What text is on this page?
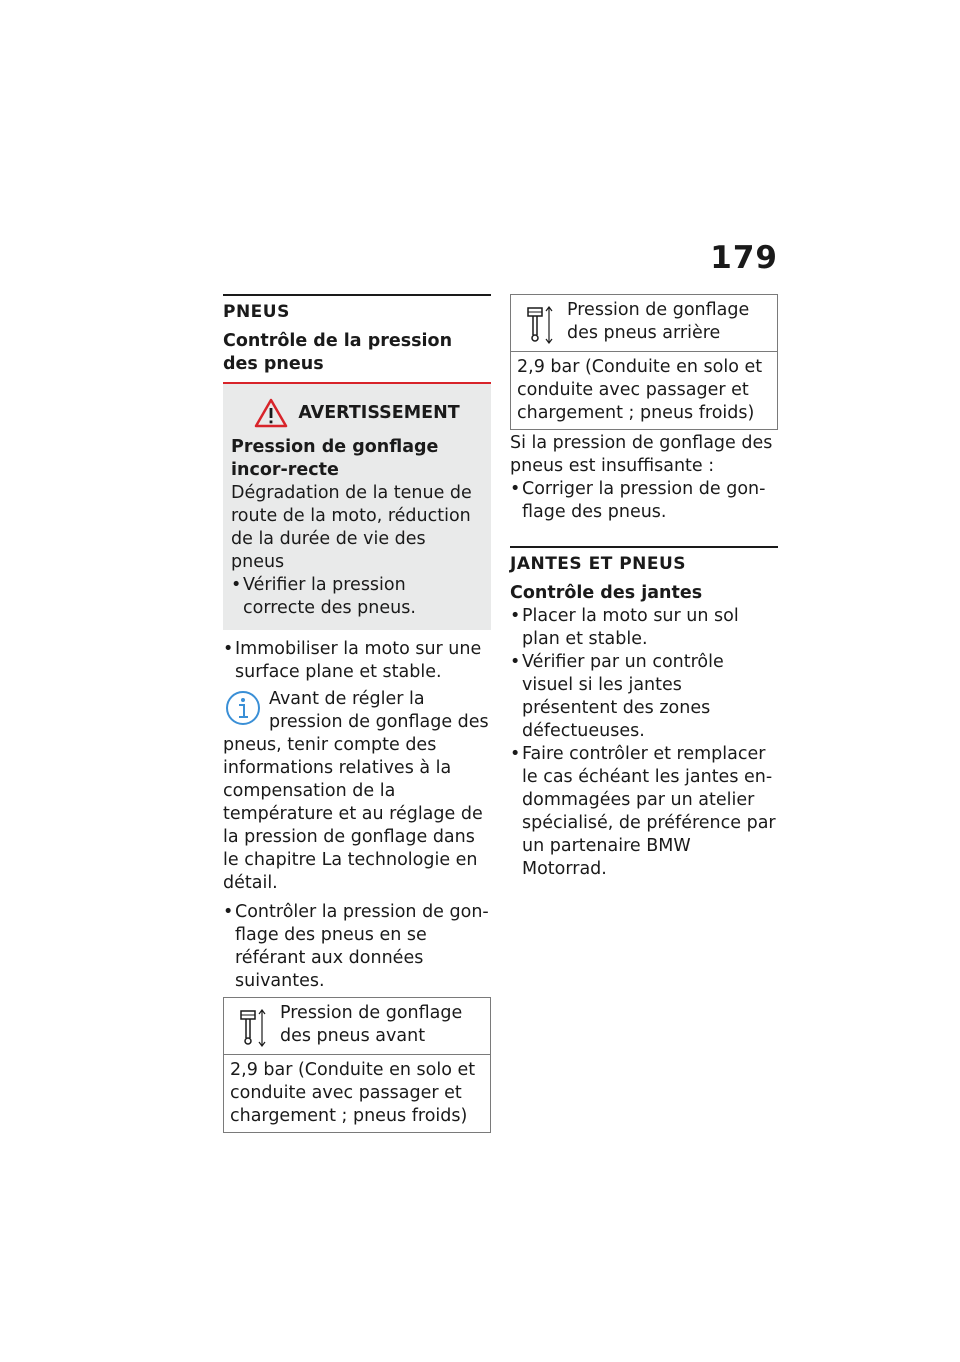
179
PNEUS
Contrôle de la pression des pneus
AVERTISSEMENT
Pression de gonflage incor-recte

Dégradation de la tenue de route de la moto, réduction de la durée de vie des pneus

•Vérifier la pression correcte des pneus.
•Immobiliser la moto sur une surface plane et stable.

Avant de régler la pression de gonflage des pneus, tenir compte des informations relatives à la compensation de la température et au réglage de la pression de gonflage dans le chapitre La technologie en détail.

•Contrôler la pression de gon-flage des pneus en se référant aux données suivantes.
Pression de gonflage des pneus avant
2,9 bar (Conduite en solo et conduite avec passager et chargement ; pneus froids)
Pression de gonflage des pneus arrière
2,9 bar (Conduite en solo et conduite avec passager et chargement ; pneus froids)

Si la pression de gonflage des pneus est insuffisante :

•Corriger la pression de gon-flage des pneus.
JANTES ET PNEUS
Contrôle des jantes
•Placer la moto sur un sol plan et stable.
•Vérifier par un contrôle visuel si les jantes présentent des zones défectueuses.
•Faire contrôler et remplacer le cas échéant les jantes en-dommagées par un atelier spécialisé, de préférence par un partenaire BMW Motorrad.
